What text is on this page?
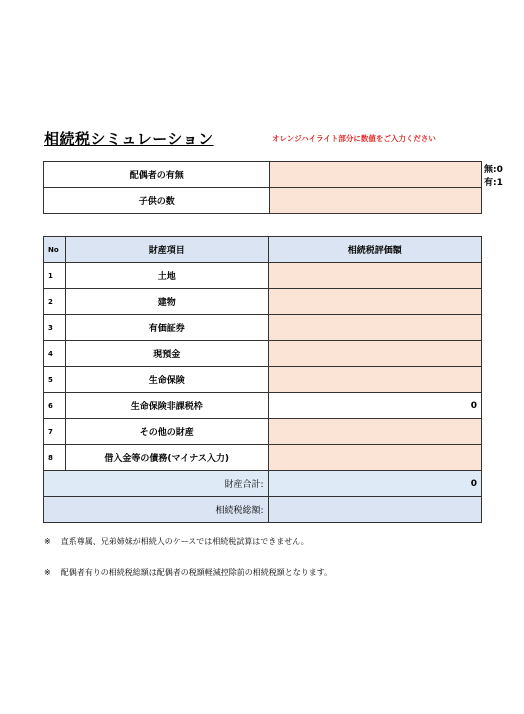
相続税シミュレーション	オレンジハイライト部分に数値をご入力ください
配偶者の有無	
子供の数	
無:0
有:1
No	財産項目	相続税評価額
1	土地	
2	建物	
3	有価証券	
4	現預金	
5	生命保険	
6	生命保険非課税枠	0
7	その他の財産	
8	借入金等の債務(マイナス入力)	
財産合計:		0
相続税総額:		
※ 直系尊属、兄弟姉妹が相続人のケースでは相続税試算はできません。
※ 配偶者有りの相続税総額は配偶者の税額軽減控除前の相続税額となります。
